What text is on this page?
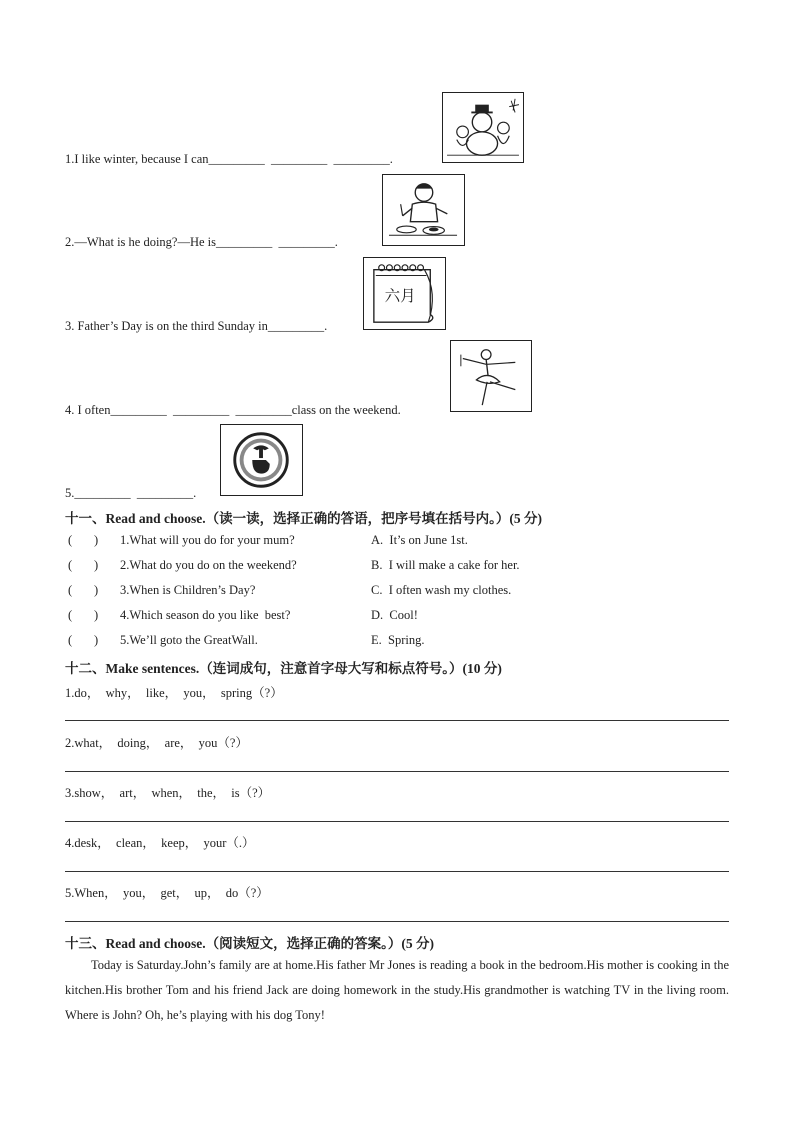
1.I like winter, because I can_________  _________  _________.
2.—What is he doing?—He is_________  _________.
六月
3. Father’s Day is on the third Sunday in_________.
4. I often_________  _________  _________class on the weekend.
5._________  _________.
十一、Read and choose.（读一读，选择正确的答语，把序号填在括号内。）(5 分)
(       ) 1.What will you do for your mum?	A.  It’s on June 1st.
(       ) 2.What do you do on the weekend?	B.  I will make a cake for her.
(       ) 3.When is Children’s Day?	C.  I often wash my clothes.
(       ) 4.Which season do you like  best?	D.  Cool!
(       ) 5.We’ll goto the GreatWall.	E.  Spring.
十二、Make sentences.（连词成句，注意首字母大写和标点符号。）(10 分)
1.do，  why，  like，  you，  spring（?）
2.what，  doing，  are，  you（?）
3.show，  art，  when，  the，  is（?）
4.desk，  clean，  keep，  your（.）
5.When，  you，  get，  up，  do（?）
十三、Read and choose.（阅读短文，选择正确的答案。）(5 分)
Today is Saturday.John’s family are at home.His father Mr Jones is reading a book in the bedroom.His mother is cooking in the kitchen.His brother Tom and his friend Jack are doing homework in the study.His grandmother is watching TV in the living room. Where is John? Oh, he’s playing with his dog Tony!
